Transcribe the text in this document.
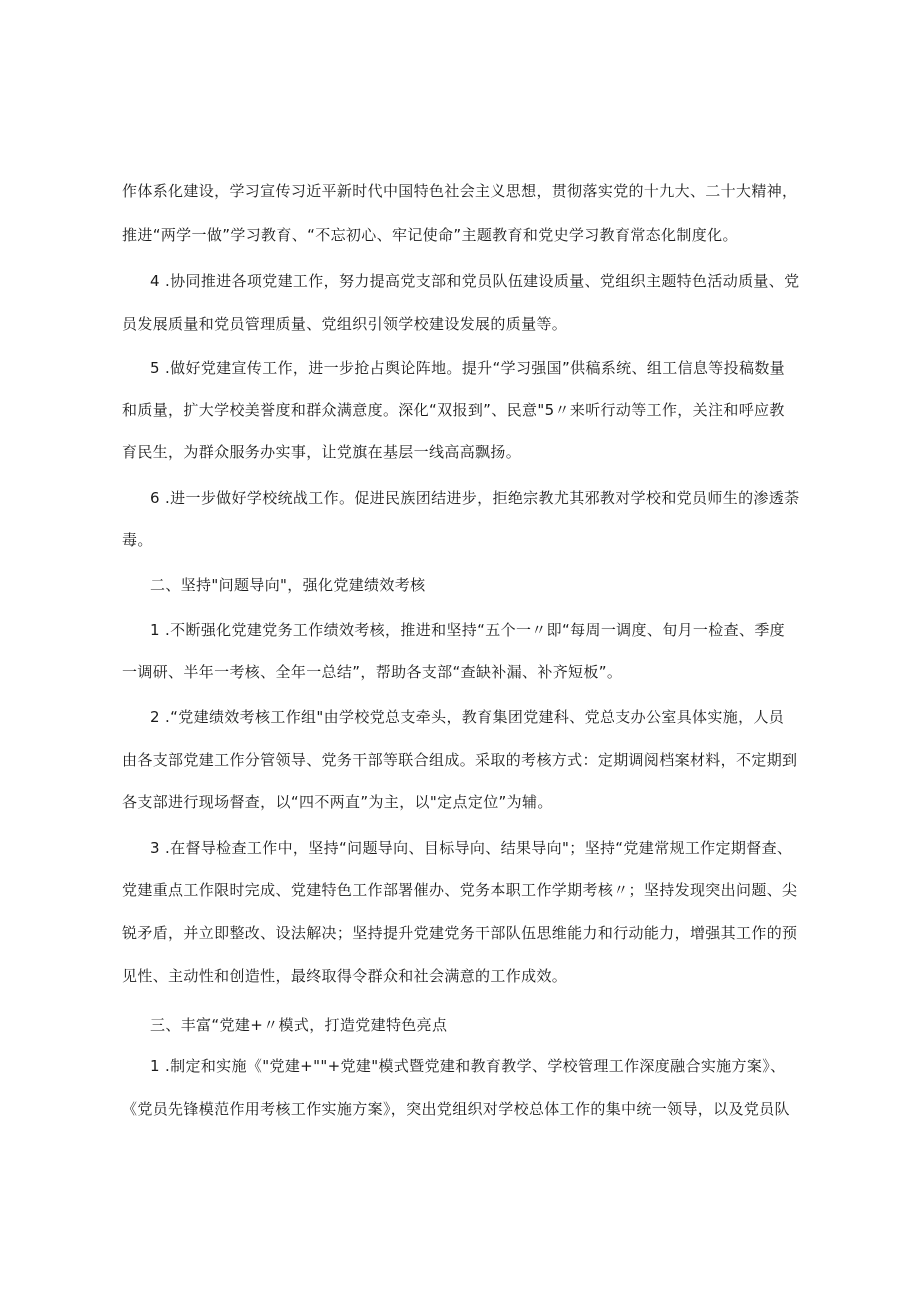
作体系化建设，学习宣传习近平新时代中国特色社会主义思想，贯彻落实党的十九大、二十大精神，
推进“两学一做”学习教育、“不忘初心、牢记使命”主题教育和党史学习教育常态化制度化。
4 .协同推进各项党建工作，努力提高党支部和党员队伍建设质量、党组织主题特色活动质量、党
员发展质量和党员管理质量、党组织引领学校建设发展的质量等。
5 .做好党建宣传工作，进一步抢占舆论阵地。提升“学习强国”供稿系统、组工信息等投稿数量
和质量，扩大学校美誉度和群众满意度。深化“双报到”、民意"5〃来听行动等工作，关注和呼应教
育民生，为群众服务办实事，让党旗在基层一线高高飘扬。
6 .进一步做好学校统战工作。促进民族团结进步，拒绝宗教尤其邪教对学校和党员师生的渗透荼
毒。
二、坚持"问题导向"，强化党建绩效考核
1 .不断强化党建党务工作绩效考核，推进和坚持“五个一〃即“每周一调度、旬月一检查、季度
一调研、半年一考核、全年一总结”，帮助各支部“查缺补漏、补齐短板”。
2 .“党建绩效考核工作组"由学校党总支牵头，教育集团党建科、党总支办公室具体实施，人员
由各支部党建工作分管领导、党务干部等联合组成。采取的考核方式：定期调阅档案材料，不定期到
各支部进行现场督查，以“四不两直”为主，以"定点定位”为辅。
3 .在督导检查工作中，坚持“问题导向、目标导向、结果导向"；坚持“党建常规工作定期督查、
党建重点工作限时完成、党建特色工作部署催办、党务本职工作学期考核〃；坚持发现突出问题、尖
锐矛盾，并立即整改、设法解决；坚持提升党建党务干部队伍思维能力和行动能力，增强其工作的预
见性、主动性和创造性，最终取得令群众和社会满意的工作成效。
三、丰富“党建+〃模式，打造党建特色亮点
1 .制定和实施《"党建+""+党建"模式暨党建和教育教学、学校管理工作深度融合实施方案》、
《党员先锋模范作用考核工作实施方案》，突出党组织对学校总体工作的集中统一领导，以及党员队
